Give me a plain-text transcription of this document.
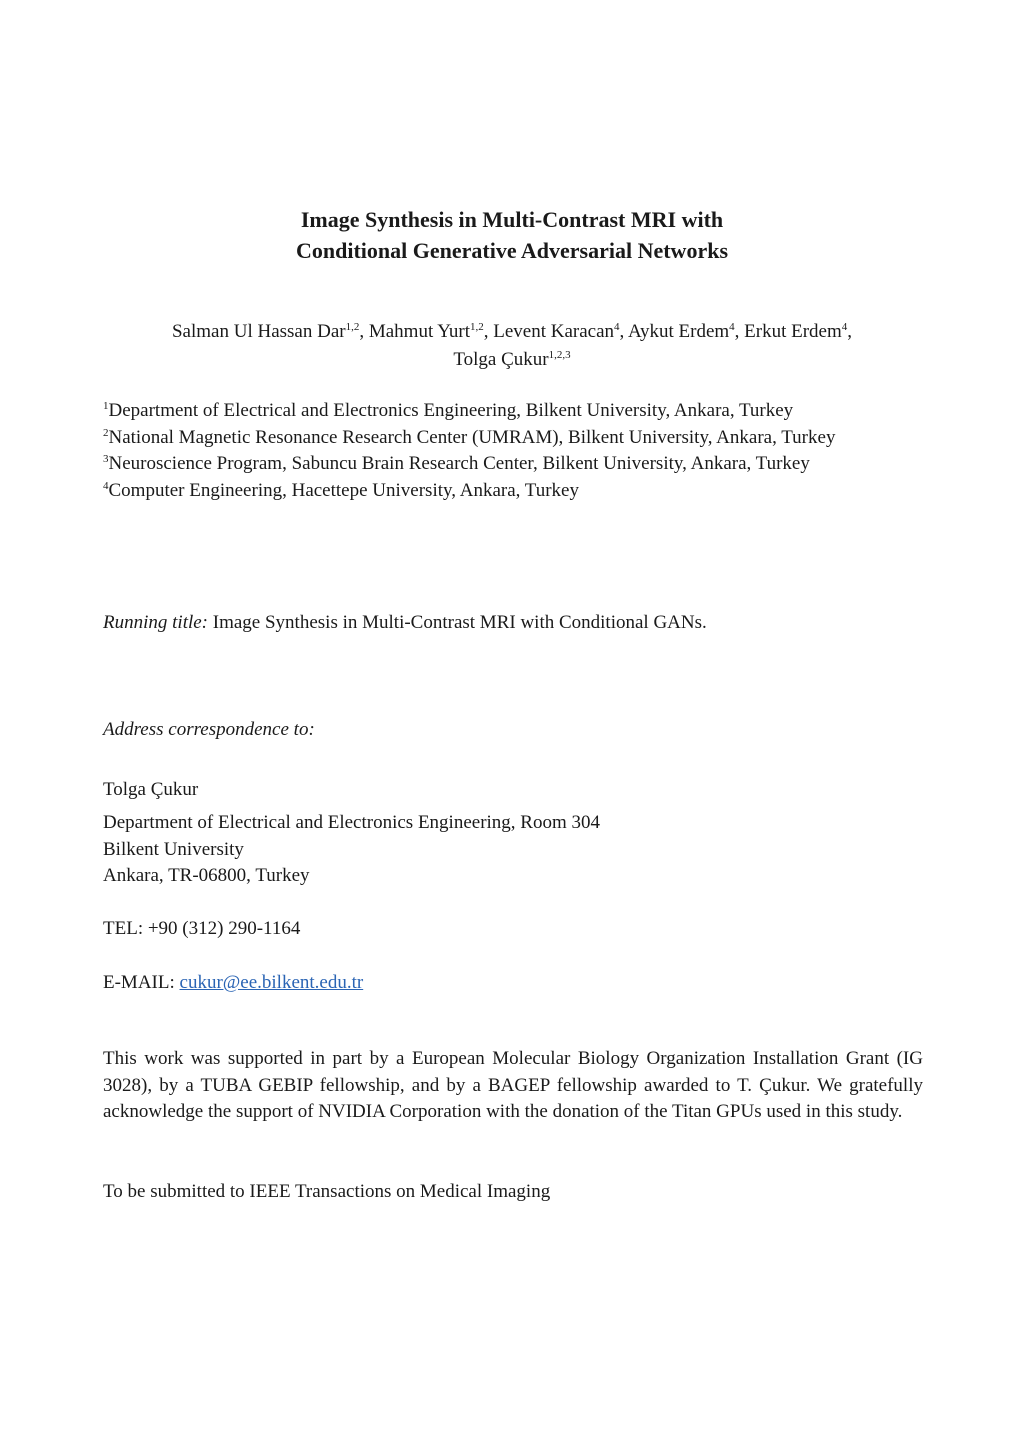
Image Synthesis in Multi-Contrast MRI with
Conditional Generative Adversarial Networks
Salman Ul Hassan Dar$^{1,2}$, Mahmut Yurt$^{1,2}$, Levent Karacan$^4$, Aykut Erdem$^4$, Erkut Erdem$^4$,
Tolga Çukur$^{1,2,3}$
$^1$Department of Electrical and Electronics Engineering, Bilkent University, Ankara, Turkey
$^2$National Magnetic Resonance Research Center (UMRAM), Bilkent University, Ankara, Turkey
$^3$Neuroscience Program, Sabuncu Brain Research Center, Bilkent University, Ankara, Turkey
$^4$Computer Engineering, Hacettepe University, Ankara, Turkey
Running title: Image Synthesis in Multi-Contrast MRI with Conditional GANs.
Address correspondence to:
Tolga Çukur
Department of Electrical and Electronics Engineering, Room 304
Bilkent University
Ankara, TR-06800, Turkey
TEL: +90 (312) 290-1164
E-MAIL: cukur@ee.bilkent.edu.tr
This work was supported in part by a European Molecular Biology Organization Installation Grant (IG 3028), by a TUBA GEBIP fellowship, and by a BAGEP fellowship awarded to T. Çukur. We gratefully acknowledge the support of NVIDIA Corporation with the donation of the Titan GPUs used in this study.
To be submitted to IEEE Transactions on Medical Imaging
